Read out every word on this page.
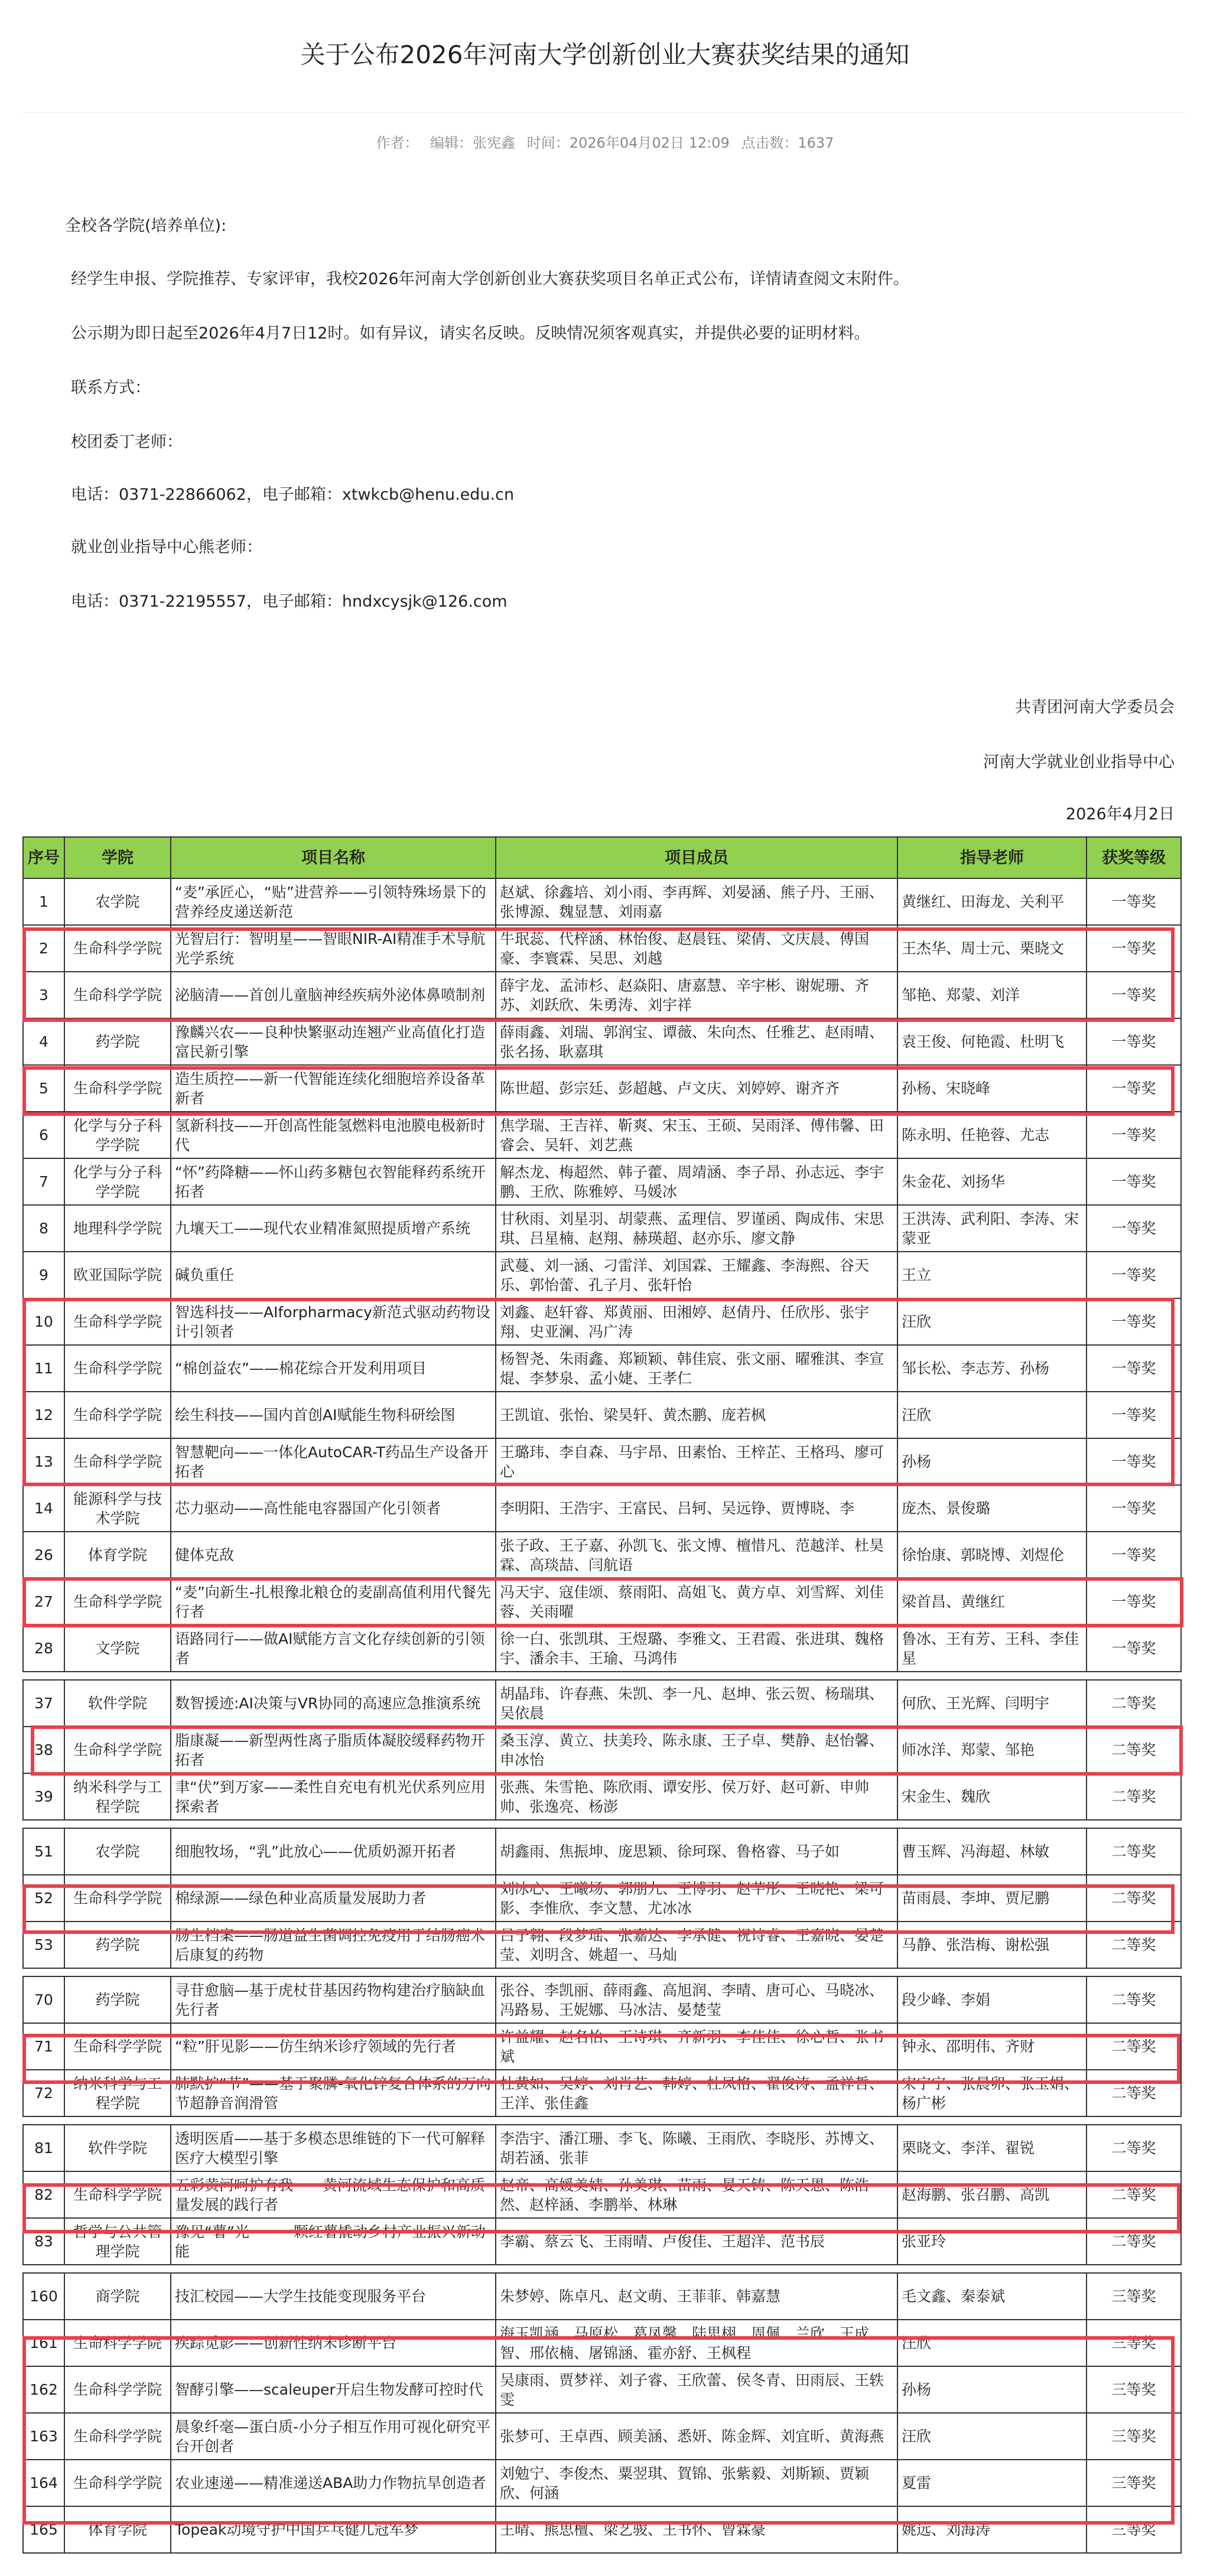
关于公布2026年河南大学创新创业大赛获奖结果的通知
作者： 编辑：张宪鑫 时间：2026年04月02日 12:09 点击数：1637
全校各学院(培养单位):
经学生申报、学院推荐、专家评审，我校2026年河南大学创新创业大赛获奖项目名单正式公布，详情请查阅文末附件。
公示期为即日起至2026年4月7日12时。如有异议，请实名反映。反映情况须客观真实，并提供必要的证明材料。
联系方式：
校团委丁老师：
电话：0371-22866062，电子邮箱：xtwkcb@henu.edu.cn
就业创业指导中心熊老师：
电话：0371-22195557，电子邮箱：hndxcysjk@126.com
共青团河南大学委员会
河南大学就业创业指导中心
2026年4月2日
序号	学院	项目名称	项目成员	指导老师	获奖等级

1	农学院	“麦”承匠心，“贴”进营养——引领特殊场景下的营养经皮递送新范	赵斌、徐鑫培、刘小雨、李再辉、刘晏涵、熊子丹、王丽、张博源、魏显慧、刘雨嘉	黄继红、田海龙、关利平	一等奖

2	生命科学学院	光智启行：智明星——智眼NIR-AI精准手术导航光学系统	牛珉蕊、代梓涵、林怡俊、赵晨钰、梁倩、文庆晨、傅国豪、李寰霖、吴思、刘越	王杰华、周士元、栗晓文	一等奖

3	生命科学学院	泌脑清——首创儿童脑神经疾病外泌体鼻喷制剂	薛宇龙、孟沛杉、赵焱阳、唐嘉慧、辛宇彬、谢妮珊、齐苏、刘跃欣、朱勇涛、刘宇祥	邹艳、郑蒙、刘洋	一等奖

4	药学院	豫麟兴农——良种快繁驱动连翘产业高值化打造富民新引擎	薛雨鑫、刘瑞、郭润宝、谭薇、朱向杰、任雅艺、赵雨晴、张名扬、耿嘉琪	袁王俊、何艳霞、杜明飞	一等奖

5	生命科学学院	造生质控——新一代智能连续化细胞培养设备革新者	陈世超、彭宗廷、彭超越、卢文庆、刘婷婷、谢齐齐	孙杨、宋晓峰	一等奖

6	化学与分子科学学院	氢新科技——开创高性能氢燃料电池膜电极新时代	焦学瑞、王吉祥、靳爽、宋玉、王硕、吴雨泽、傅伟馨、田睿会、吴轩、刘艺燕	陈永明、任艳蓉、尤志	一等奖

7	化学与分子科学学院	“怀”药降糖——怀山药多糖包衣智能释药系统开拓者	解杰龙、梅超然、韩子藿、周靖涵、李子昂、孙志远、李宇鹏、王欣、陈雅婷、马媛冰	朱金花、刘扬华	一等奖

8	地理科学学院	九壤天工——现代农业精准氮照提质增产系统	甘秋雨、刘星羽、胡蒙燕、孟理信、罗谨函、陶成伟、宋思琪、吕星楠、赵翔、赫瑛超、赵亦乐、廖文静	王洪涛、武利阳、李涛、宋蒙亚	一等奖

9	欧亚国际学院	碱负重任	武蔓、刘一涵、刁雷洋、刘国霖、王耀鑫、李海熙、谷天乐、郭怡蕾、孔子月、张轩怡	王立	一等奖

10	生命科学学院	智选科技——AIforpharmacy新范式驱动药物设计引领者	刘鑫、赵轩睿、郑黄丽、田湘婷、赵倩丹、任欣彤、张宇翔、史亚澜、冯广涛	汪欣	一等奖

11	生命科学学院	“棉创益农”——棉花综合开发利用项目	杨智尧、朱雨鑫、郑颖颖、韩佳宸、张文丽、曜雅淇、李宣焜、李梦泉、孟小婕、王孝仁	邹长松、李志芳、孙杨	一等奖

12	生命科学学院	绘生科技——国内首创AI赋能生物科研绘图	王凯谊、张怡、梁昊轩、黄杰鹏、庞若枫	汪欣	一等奖

13	生命科学学院	智慧靶向——一体化AutoCAR-T药品生产设备开拓者	王璐玮、李自森、马宇昂、田素怡、王梓芷、王格玛、廖可心	孙杨	一等奖

14	能源科学与技术学院	芯力驱动——高性能电容器国产化引领者	李明阳、王浩宇、王富民、吕轲、吴远铮、贾博晓、李	庞杰、景俊璐	一等奖

26	体育学院	健体克敌	张子政、王子嘉、孙凯飞、张文博、檀惜凡、范越洋、杜昊霖、高琰喆、闫航语	徐怡康、郭晓博、刘煜伦	一等奖

27	生命科学学院	“麦”向新生-扎根豫北粮仓的麦副高值利用代餐先行者	冯天宇、寇佳颂、蔡雨阳、高姐飞、黄方卓、刘雪辉、刘佳蓉、关雨曜	梁首昌、黄继红	一等奖

28	文学院	语路同行——做AI赋能方言文化存续创新的引领者	徐一白、张凯琪、王煜璐、李雅文、王君霞、张进琪、魏格宇、潘余丰、王瑜、马鸿伟	鲁冰、王有芳、王科、李佳星	一等奖

37	软件学院	数智援迹:AI决策与VR协同的高速应急推演系统	胡晶玮、许春燕、朱凯、李一凡、赵坤、张云贺、杨瑞琪、吴依晨	何欣、王光辉、闫明宇	二等奖

38	生命科学学院	脂康凝——新型两性离子脂质体凝胶缓释药物开拓者	桑玉淳、黄立、扶美玲、陈永康、王子卓、樊静、赵怡馨、申冰怡	师冰洋、郑蒙、邹艳	二等奖

39	纳米科学与工程学院	聿“伏”到万家——柔性自充电有机光伏系列应用探索者	张燕、朱雪艳、陈欣雨、谭安彤、侯万妤、赵可新、申帅帅、张逸亮、杨澎	宋金生、魏欣	二等奖

51	农学院	细胞牧场，“乳”此放心——优质奶源开拓者	胡鑫雨、焦振坤、庞思颖、徐珂琛、鲁格睿、马子如	曹玉辉、冯海超、林敏	二等奖

52	生命科学学院	棉绿源——绿色种业高质量发展助力者	刘冰心、王曦场、郭朋九、王博羽、赵芊彤、王晓艳、梁可影、李惟欣、李文慧、尤冰冰	苗雨晨、李坤、贾尼鹏	二等奖

53	药学院	肠生档案——肠道益生菌调控免疫用于结肠癌术后康复的药物	吕子翱、段梦瑶、张嘉达、李承健、祝诗睿、王嘉晓、晏楚莹、刘明含、姚超一、马灿	马静、张浩梅、谢松强	二等奖

70	药学院	寻苷愈脑—基于虎杖苷基因药物构建治疗脑缺血先行者	张谷、李凯丽、薛雨鑫、高旭润、李晴、唐可心、马晓冰、冯路易、王妮娜、马冰洁、晏楚莹	段少峰、李娟	二等奖

71	生命科学学院	“粒”肝见影——仿生纳米诊疗领域的先行者	许益耀、赵名怡、王诗琪、齐新羽、李佳佳、徐心哲、张书斌	钟永、邵明伟、齐财	二等奖

72	纳米科学与工程学院	肺默护“节”——基于聚膦-氧化锌复合体系的万向节超静音润滑管	杜黄如、吴婷、刘肖艺、韩婷、杜凤格、翟俊涛、孟祥哲、王洋、张佳鑫	宋宁宁、张晨卯、张玉娟、杨广彬	二等奖

81	软件学院	透明医盾——基于多模态思维链的下一代可解释医疗大模型引擎	李浩宇、潘江珊、李飞、陈曦、王雨欣、李晓彤、苏博文、胡若涵、张菲	栗晓文、李洋、翟锐	二等奖

82	生命科学学院	五彩黄河呵护有我——黄河流域生态保护和高质量发展的践行者	赵帝、高媛美婧、孙美琪、苗雨、晏天铸、陈天恩、陈浩然、赵梓涵、李鹏举、林琳	赵海鹏、张召鹏、高凯	二等奖

83	哲学与公共管理学院	豫见“薯”光——一颗红薯撬动乡村产业振兴新动能	李霸、蔡云飞、王雨晴、卢俊佳、王超洋、范书辰	张亚玲	二等奖

160	商学院	技汇校园——大学生技能变现服务平台	朱梦婷、陈卓凡、赵文萌、王菲菲、韩嘉慧	毛文鑫、秦泰斌	三等奖

161	生命科学学院	疾踪觅影——创新性纳米诊断平台	海玉凯涵、马原松、葛凤馨、陆思栩、周佩、兰欣、王成智、邢依楠、屠锦涵、霍亦舒、王枫程	汪欣	三等奖

162	生命科学学院	智酵引擎——scaleuper开启生物发酵可控时代	吴康雨、贾梦祥、刘子睿、王欣蕾、侯冬青、田雨辰、王轶雯	孙杨	三等奖

163	生命科学学院	晨象纤毫—蛋白质-小分子相互作用可视化研究平台开创者	张梦可、王卓西、顾美涵、悉妍、陈金辉、刘宜昕、黄海燕	汪欣	三等奖

164	生命科学学院	农业速递——精准递送ABA助力作物抗旱创造者	刘勉宁、李俊杰、粟翌琪、賀锦、张紫毅、刘斯颖、贾颖欣、何涵	夏雷	三等奖

165	体育学院	Topeak动境守护中国乒乓健儿冠军梦	王晴、熊思檀、梁艺骏、王书怀、曾霖豪	姚远、刘海涛	三等奖
